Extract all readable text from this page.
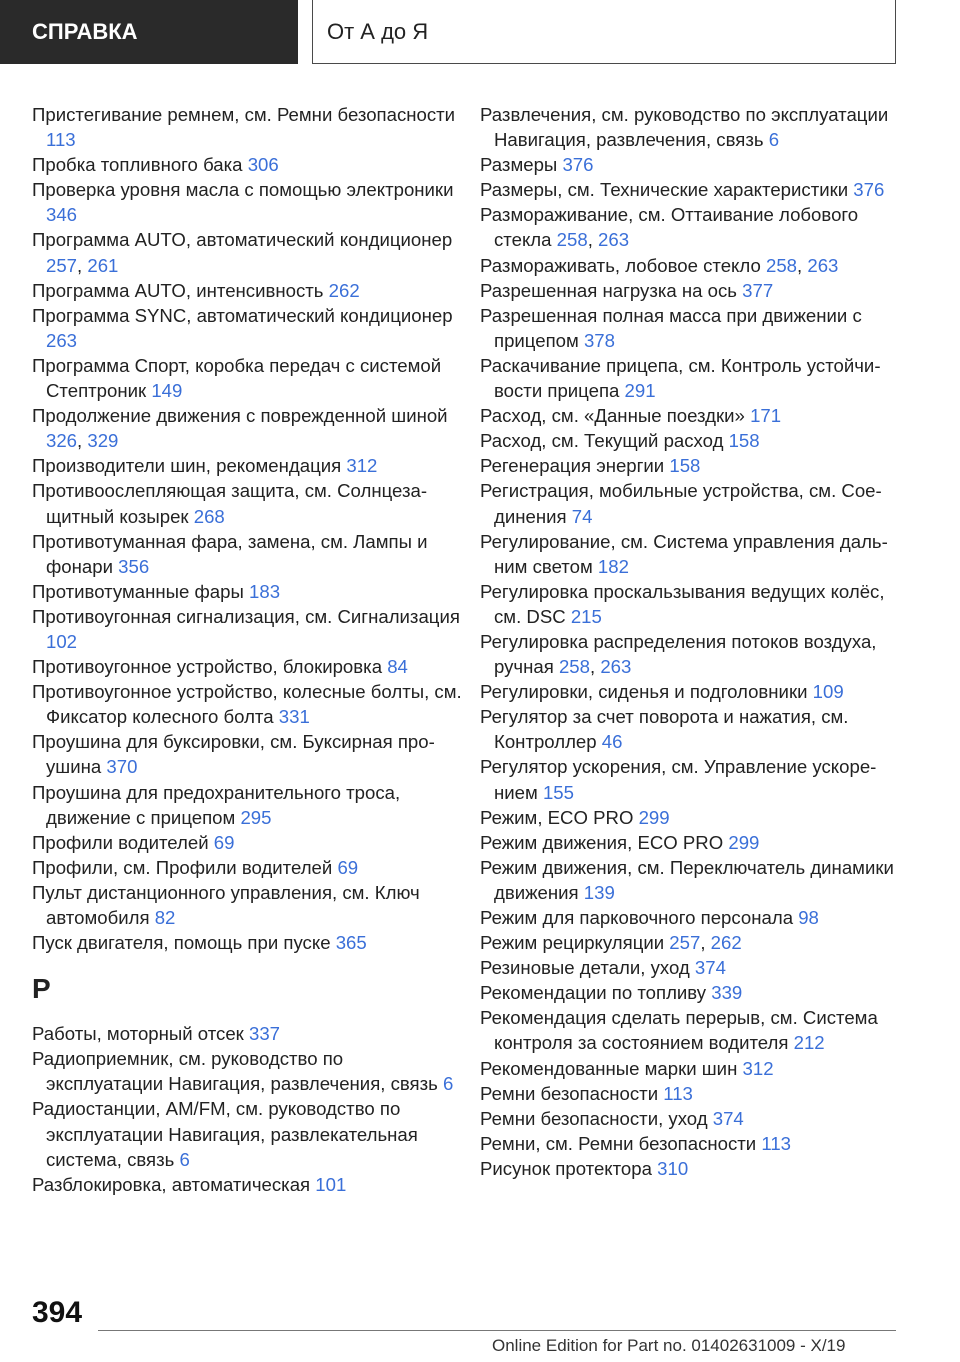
СПРАВКА	От А до Я

Пристегивание ремнем, см. Ремни безопасности 113

Пробка топливного бака 306

Проверка уровня масла с помощью электроники 346

Программа AUTO, автоматический кондиционер 257, 261

Программа AUTO, интенсивность 262

Программа SYNC, автоматический кондиционер 263

Программа Спорт, коробка передач с системой Стептроник 149

Продолжение движения с поврежденной шиной 326, 329

Производители шин, рекомендация 312

Противоослепляющая защита, см. Солнцезащитный козырек 268

Противотуманная фара, замена, см. Лампы и фонари 356

Противотуманные фары 183

Противоугонная сигнализация, см. Сигнализация 102

Противоугонное устройство, блокировка 84

Противоугонное устройство, колесные болты, см. Фиксатор колесного болта 331

Проушина для буксировки, см. Буксирная проушина 370

Проушина для предохранительного троса, движение с прицепом 295

Профили водителей 69

Профили, см. Профили водителей 69

Пульт дистанционного управления, см. Ключ автомобиля 82

Пуск двигателя, помощь при пуске 365

Р

Работы, моторный отсек 337

Радиоприемник, см. руководство по эксплуатации Навигация, развлечения, связь 6

Радиостанции, AM/FM, см. руководство по эксплуатации Навигация, развлекательная система, связь 6

Разблокировка, автоматическая 101

Развлечения, см. руководство по эксплуатации Навигация, развлечения, связь 6

Размеры 376

Размеры, см. Технические характеристики 376

Размораживание, см. Оттаивание лобового стекла 258, 263

Размораживать, лобовое стекло 258, 263

Разрешенная нагрузка на ось 377

Разрешенная полная масса при движении с прицепом 378

Раскачивание прицепа, см. Контроль устойчивости прицепа 291

Расход, см. «Данные поездки» 171

Расход, см. Текущий расход 158

Регенерация энергии 158

Регистрация, мобильные устройства, см. Соединения 74

Регулирование, см. Система управления дальним светом 182

Регулировка проскальзывания ведущих колёс, см. DSC 215

Регулировка распределения потоков воздуха, ручная 258, 263

Регулировки, сиденья и подголовники 109

Регулятор за счет поворота и нажатия, см. Контроллер 46

Регулятор ускорения, см. Управление ускорением 155

Режим, ECO PRO 299

Режим движения, ECO PRO 299

Режим движения, см. Переключатель динамики движения 139

Режим для парковочного персонала 98

Режим рециркуляции 257, 262

Резиновые детали, уход 374

Рекомендации по топливу 339

Рекомендация сделать перерыв, см. Система контроля за состоянием водителя 212

Рекомендованные марки шин 312

Ремни безопасности 113

Ремни безопасности, уход 374

Ремни, см. Ремни безопасности 113

Рисунок протектора 310

394
Online Edition for Part no. 01402631009 - X/19
